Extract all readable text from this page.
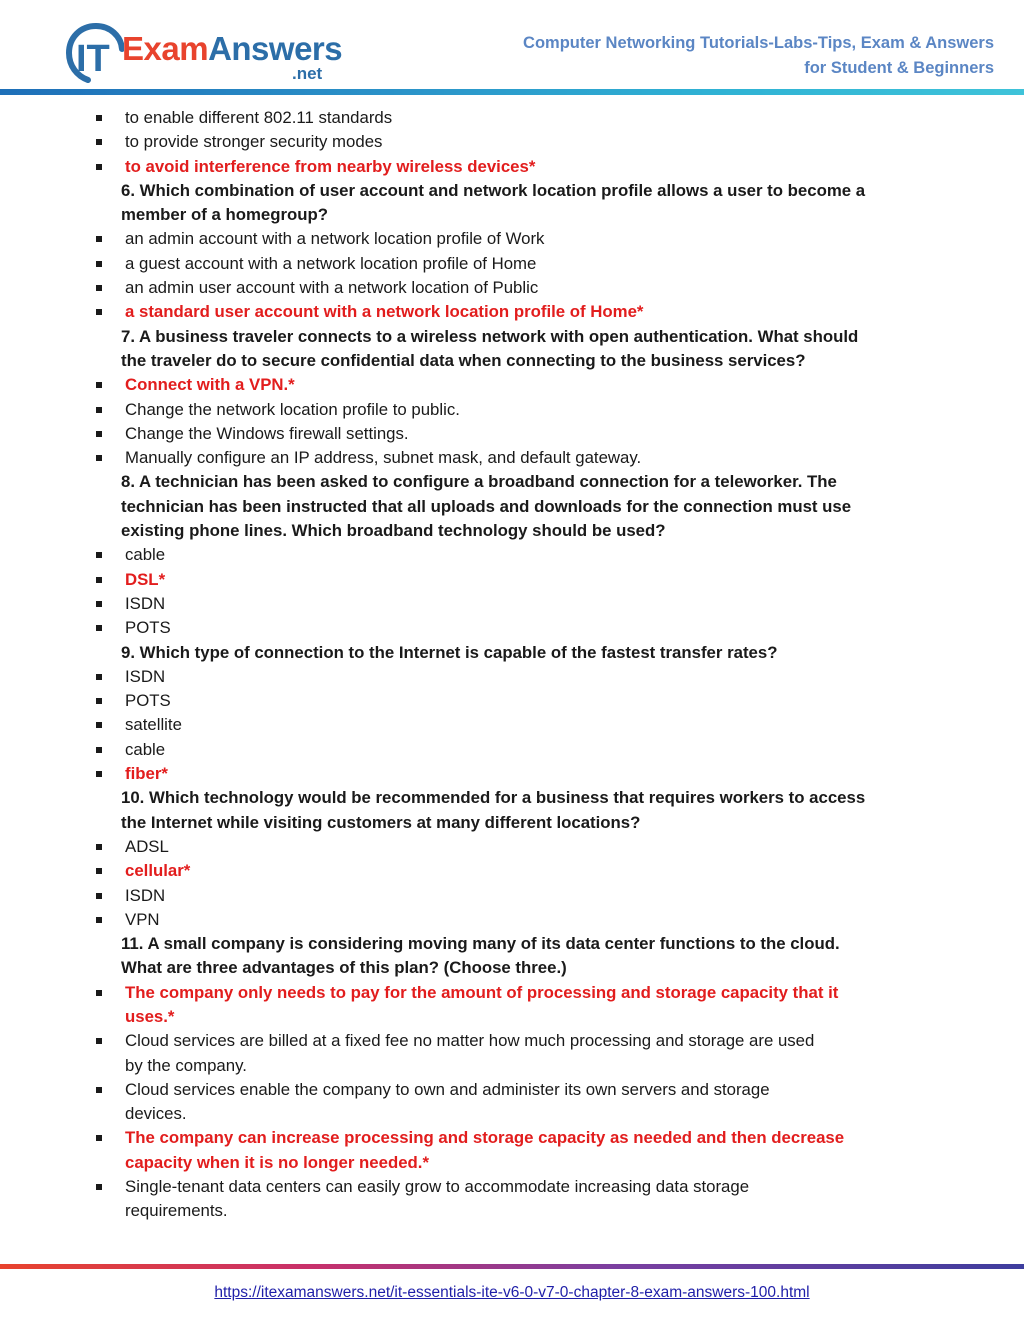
IT ExamAnswers
.net
Computer Networking Tutorials-Labs-Tips, Exam & Answers
for Student & Beginners
to enable different 802.11 standards
to provide stronger security modes
to avoid interference from nearby wireless devices*
6. Which combination of user account and network location profile allows a user to become a
member of a homegroup?
an admin account with a network location profile of Work
a guest account with a network location profile of Home
an admin user account with a network location of Public
a standard user account with a network location profile of Home*
7. A business traveler connects to a wireless network with open authentication. What should
the traveler do to secure confidential data when connecting to the business services?
Connect with a VPN.*
Change the network location profile to public.
Change the Windows firewall settings.
Manually configure an IP address, subnet mask, and default gateway.
8. A technician has been asked to configure a broadband connection for a teleworker. The
technician has been instructed that all uploads and downloads for the connection must use
existing phone lines. Which broadband technology should be used?
cable
DSL*
ISDN
POTS
9. Which type of connection to the Internet is capable of the fastest transfer rates?
ISDN
POTS
satellite
cable
fiber*
10. Which technology would be recommended for a business that requires workers to access
the Internet while visiting customers at many different locations?
ADSL
cellular*
ISDN
VPN
11. A small company is considering moving many of its data center functions to the cloud.
What are three advantages of this plan? (Choose three.)
The company only needs to pay for the amount of processing and storage capacity that it
uses.*
Cloud services are billed at a fixed fee no matter how much processing and storage are used
by the company.
Cloud services enable the company to own and administer its own servers and storage
devices.
The company can increase processing and storage capacity as needed and then decrease
capacity when it is no longer needed.*
Single-tenant data centers can easily grow to accommodate increasing data storage
requirements.
https://itexamanswers.net/it-essentials-ite-v6-0-v7-0-chapter-8-exam-answers-100.html
